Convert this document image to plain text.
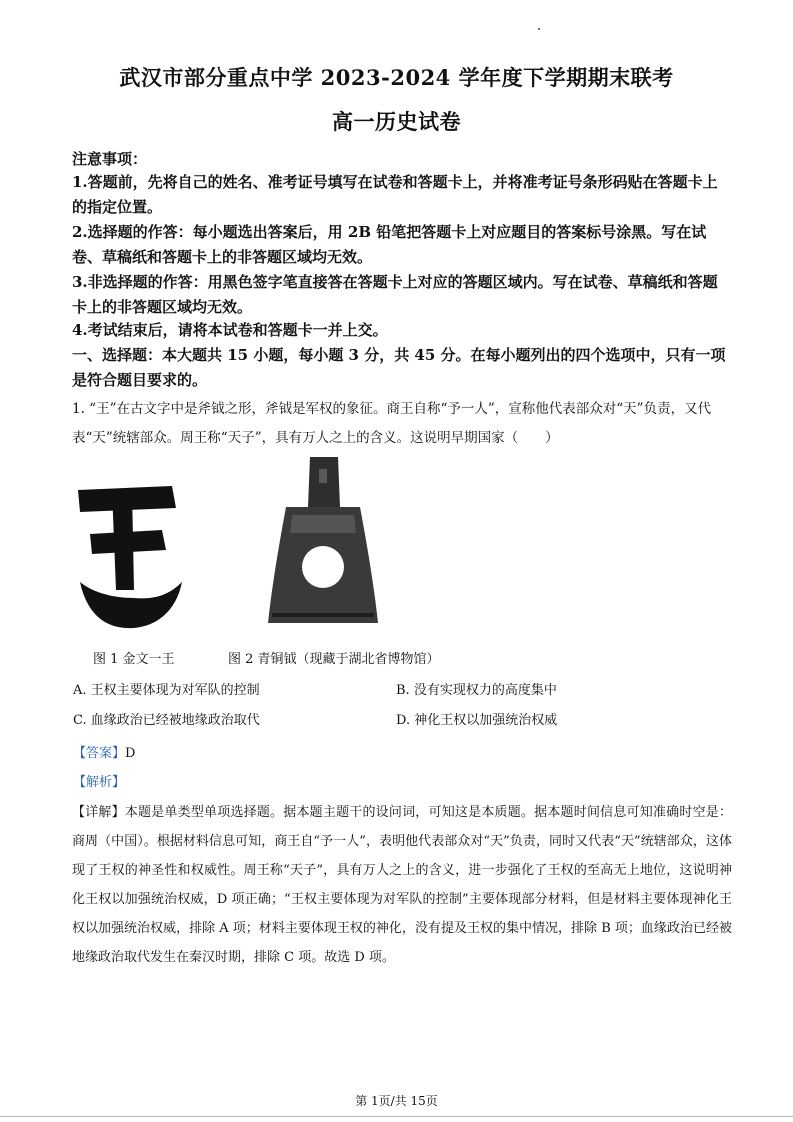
武汉市部分重点中学 2023-2024 学年度下学期期末联考
高一历史试卷
注意事项：
1.答题前，先将自己的姓名、准考证号填写在试卷和答题卡上，并将准考证号条形码贴在答题卡上的指定位置。
2.选择题的作答：每小题选出答案后，用 2B 铅笔把答题卡上对应题目的答案标号涂黑。写在试卷、草稿纸和答题卡上的非答题区域均无效。
3.非选择题的作答：用黑色签字笔直接答在答题卡上对应的答题区域内。写在试卷、草稿纸和答题卡上的非答题区域均无效。
4.考试结束后，请将本试卷和答题卡一并上交。
一、选择题：本大题共 15 小题，每小题 3 分，共 45 分。在每小题列出的四个选项中，只有一项是符合题目要求的。
1. “王”在古文字中是斧钺之形，斧钺是军权的象征。商王自称“予一人”，宣称他代表部众对“天”负责，又代表“天”统辖部众。周王称“天子”，具有万人之上的含义。这说明早期国家（　　）
图 1 金文一王	图 2 青铜钺（现藏于湖北省博物馆）
A. 王权主要体现为对军队的控制	B. 没有实现权力的高度集中
C. 血缘政治已经被地缘政治取代	D. 神化王权以加强统治权威
【答案】D
【解析】
【详解】本题是单类型单项选择题。据本题主题干的设问词，可知这是本质题。据本题时间信息可知准确时空是：商周（中国）。根据材料信息可知，商王自“予一人”，表明他代表部众对“天”负责，同时又代表“天”统辖部众，这体现了王权的神圣性和权威性。周王称“天子”，具有万人之上的含义，进一步强化了王权的至高无上地位，这说明神化王权以加强统治权威，D 项正确；“王权主要体现为对军队的控制”主要体现部分材料，但是材料主要体现神化王权以加强统治权威，排除 A 项；材料主要体现王权的神化，没有提及王权的集中情况，排除 B 项；血缘政治已经被地缘政治取代发生在秦汉时期，排除 C 项。故选 D 项。
第 1页/共 15页
